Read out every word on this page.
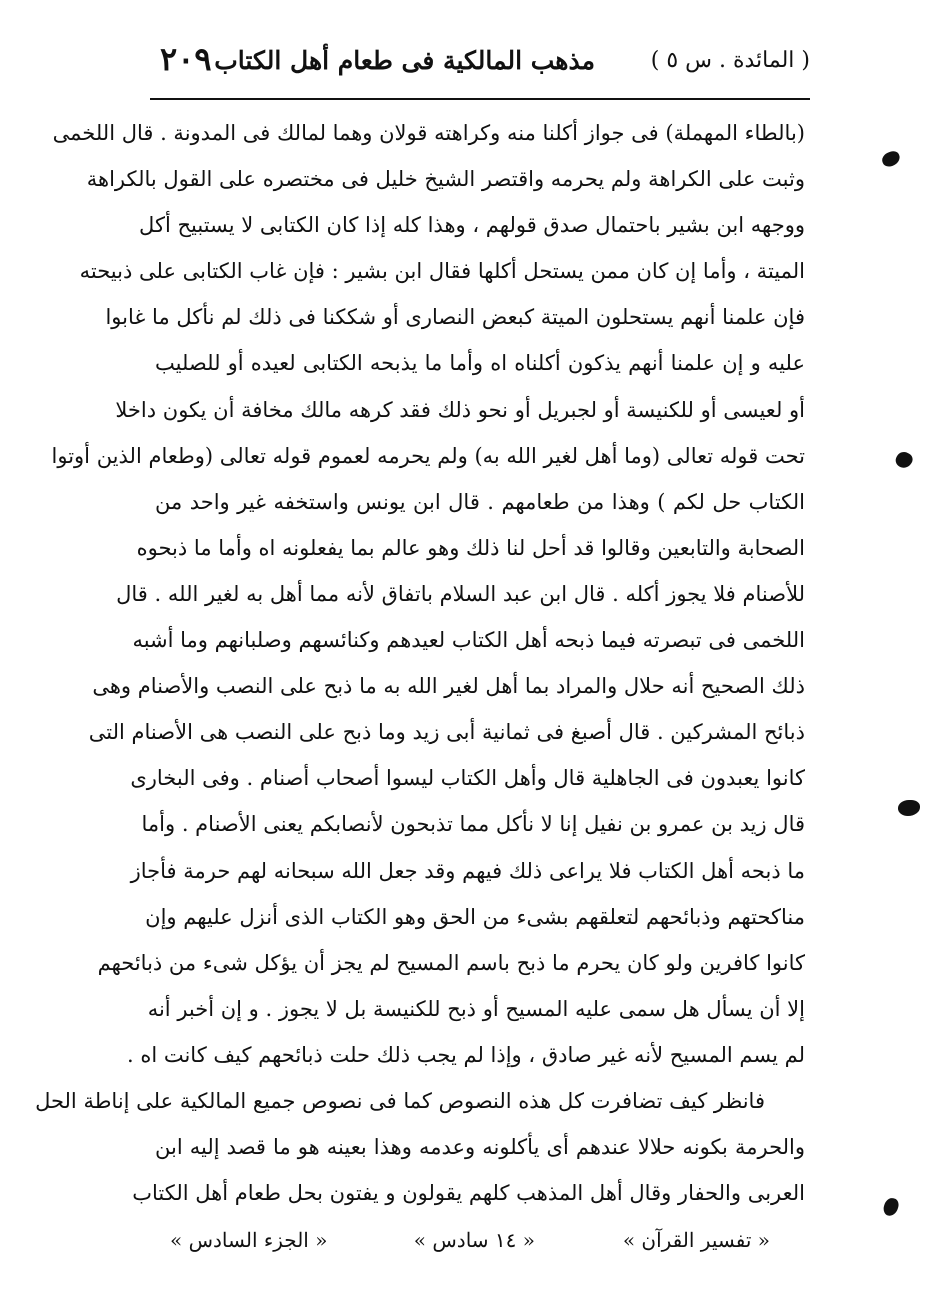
( المائدة . س ٥ )
مذهب المالكية فى طعام أهل الكتاب
٢٠٩
(بالطاء المهملة) فى جواز أكلنا منه وكراهته قولان وهما لمالك فى المدونة . قال اللخمى
وثبت على الكراهة ولم يحرمه واقتصر الشيخ خليل فى مختصره على القول بالكراهة
ووجهه ابن بشير باحتمال صدق قولهم ، وهذا كله إذا كان الكتابى لا يستبيح أكل
الميتة ، وأما إن كان ممن يستحل أكلها فقال ابن بشير : فإن غاب الكتابى على ذبيحته
فإن علمنا أنهم يستحلون الميتة كبعض النصارى أو شككنا فى ذلك لم نأكل ما غابوا
عليه و إن علمنا أنهم يذكون أكلناه اه وأما ما يذبحه الكتابى لعيده أو للصليب
أو لعيسى أو للكنيسة أو لجبريل أو نحو ذلك فقد كرهه مالك مخافة أن يكون داخلا
تحت قوله تعالى (وما أهل لغير الله به) ولم يحرمه لعموم قوله تعالى (وطعام الذين أوتوا
الكتاب حل لكم ) وهذا من طعامهم . قال ابن يونس واستخفه غير واحد من
الصحابة والتابعين وقالوا قد أحل لنا ذلك وهو عالم بما يفعلونه اه وأما ما ذبحوه
للأصنام فلا يجوز أكله . قال ابن عبد السلام باتفاق لأنه مما أهل به لغير الله . قال
اللخمى فى تبصرته فيما ذبحه أهل الكتاب لعيدهم وكنائسهم وصلبانهم وما أشبه
ذلك الصحيح أنه حلال والمراد بما أهل لغير الله به ما ذبح على النصب والأصنام وهى
ذبائح المشركين . قال أصبغ فى ثمانية أبى زيد وما ذبح على النصب هى الأصنام التى
كانوا يعبدون فى الجاهلية قال وأهل الكتاب ليسوا أصحاب أصنام . وفى البخارى
قال زيد بن عمرو بن نفيل إنا لا نأكل مما تذبحون لأنصابكم يعنى الأصنام . وأما
ما ذبحه أهل الكتاب فلا يراعى ذلك فيهم وقد جعل الله سبحانه لهم حرمة فأجاز
مناكحتهم وذبائحهم لتعلقهم بشىء من الحق وهو الكتاب الذى أنزل عليهم وإن
كانوا كافرين ولو كان يحرم ما ذبح باسم المسيح لم يجز أن يؤكل شىء من ذبائحهم
إلا أن يسأل هل سمى عليه المسيح أو ذبح للكنيسة بل لا يجوز . و إن أخبر أنه
لم يسم المسيح لأنه غير صادق ، وإذا لم يجب ذلك حلت ذبائحهم كيف كانت اه .
فانظر كيف تضافرت كل هذه النصوص كما فى نصوص جميع المالكية على إناطة الحل
والحرمة بكونه حلالا عندهم أى يأكلونه وعدمه وهذا بعينه هو ما قصد إليه ابن
العربى والحفار وقال أهل المذهب كلهم يقولون و يفتون بحل طعام أهل الكتاب
« تفسير القرآن »
« ١٤ سادس »
« الجزء السادس »
